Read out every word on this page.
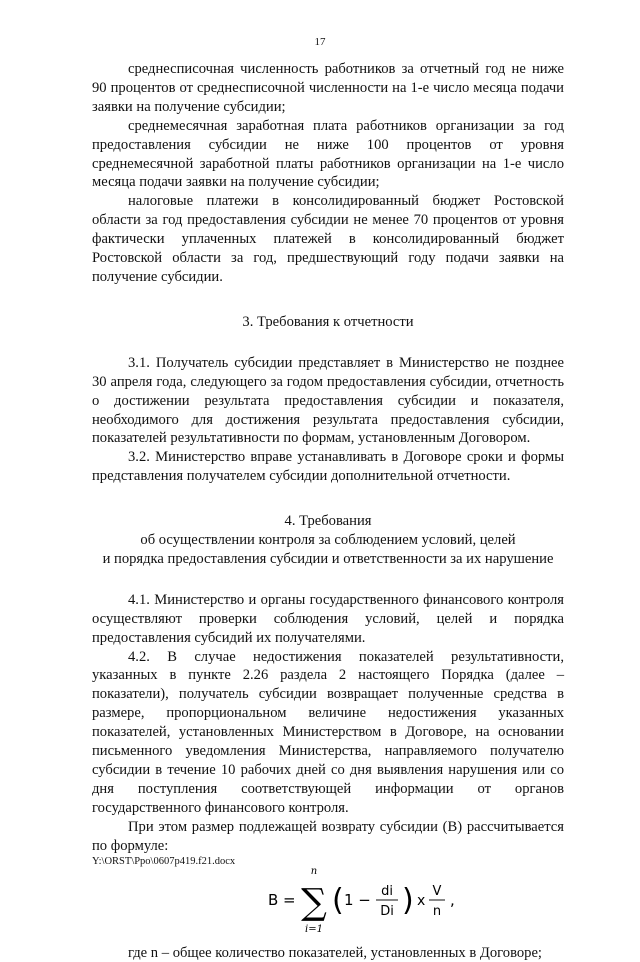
17

среднесписочная численность работников за отчетный год не ниже 90 процентов от среднесписочной численности на 1-е число месяца подачи заявки на получение субсидии;

среднемесячная заработная плата работников организации за год предоставления субсидии не ниже 100 процентов от уровня среднемесячной заработной платы работников организации на 1-е число месяца подачи заявки на получение субсидии;

налоговые платежи в консолидированный бюджет Ростовской области за год предоставления субсидии не менее 70 процентов от уровня фактически уплаченных платежей в консолидированный бюджет Ростовской области за год, предшествующий году подачи заявки на получение субсидии.

3. Требования к отчетности

3.1. Получатель субсидии представляет в Министерство не позднее 30 апреля года, следующего за годом предоставления субсидии, отчетность о достижении результата предоставления субсидии и показателя, необходимого для достижения результата предоставления субсидии, показателей результативности по формам, установленным Договором.

3.2. Министерство вправе устанавливать в Договоре сроки и формы представления получателем субсидии дополнительной отчетности.

4. Требования

об осуществлении контроля за соблюдением условий, целей

и порядка предоставления субсидии и ответственности за их нарушение

4.1. Министерство и органы государственного финансового контроля осуществляют проверки соблюдения условий, целей и порядка предоставления субсидий их получателями.

4.2. В случае недостижения показателей результативности, указанных в пункте 2.26 раздела 2 настоящего Порядка (далее – показатели), получатель субсидии возвращает полученные средства в размере, пропорциональном величине недостижения указанных показателей, установленных Министерством в Договоре, на основании письменного уведомления Министерства, направляемого получателю субсидии в течение 10 рабочих дней со дня выявления нарушения или со дня поступления соответствующей информации от органов государственного финансового контроля.

При этом размер подлежащей возврату субсидии (В) рассчитывается по формуле:

В =
n
∑
i=1
( 1 − di
Di ) x
V
n
,

где n – общее количество показателей, установленных в Договоре;

Y:\ORST\Ppo\0607p419.f21.docx
